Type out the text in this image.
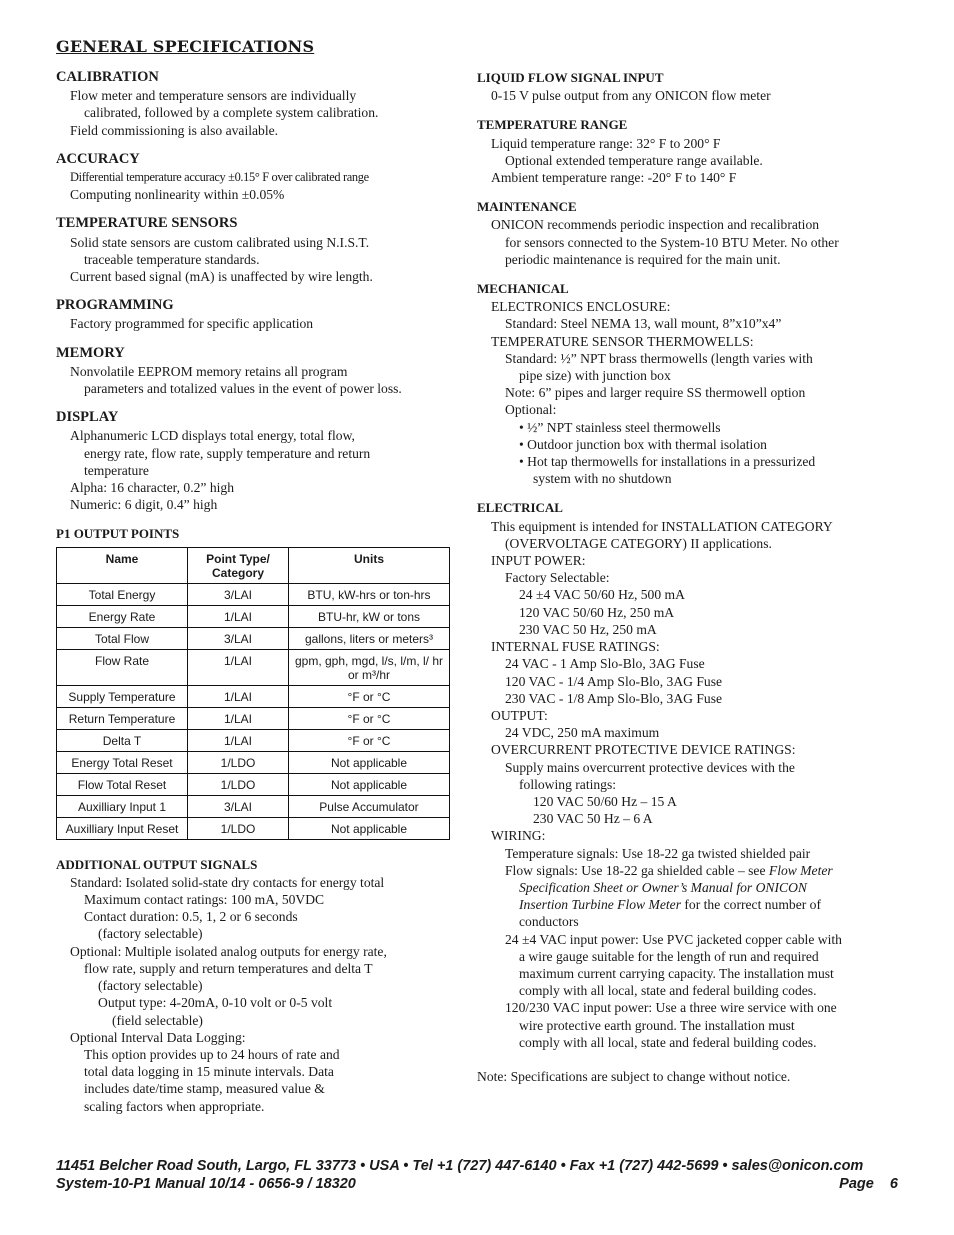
GENERAL SPECIFICATIONS
CALIBRATION
Flow meter and temperature sensors are individually
calibrated, followed by a complete system calibration.
Field commissioning is also available.
ACCURACY
Differential temperature accuracy ±0.15° F over calibrated range
Computing nonlinearity within ±0.05%
TEMPERATURE SENSORS
Solid state sensors are custom calibrated using N.I.S.T.
traceable temperature standards.
Current based signal (mA) is unaffected by wire length.
PROGRAMMING
Factory programmed for specific application
MEMORY
Nonvolatile EEPROM memory retains all program
parameters and totalized values in the event of power loss.
DISPLAY
Alphanumeric LCD displays total energy, total flow,
energy rate, flow rate, supply temperature and return
temperature
Alpha: 16 character, 0.2” high
Numeric: 6 digit, 0.4” high
P1 OUTPUT POINTS
Name	Point Type/ Category	Units
Total Energy	3/LAI	BTU, kW-hrs or ton-hrs
Energy Rate	1/LAI	BTU-hr, kW or tons
Total Flow	3/LAI	gallons, liters or meters³
Flow Rate	1/LAI	gpm, gph, mgd, l/s, l/m, l/ hr or m³/hr
Supply Temperature	1/LAI	°F or °C
Return Temperature	1/LAI	°F or °C
Delta T	1/LAI	°F or °C
Energy Total Reset	1/LDO	Not applicable
Flow Total Reset	1/LDO	Not applicable
Auxilliary Input 1	3/LAI	Pulse Accumulator
Auxilliary Input Reset	1/LDO	Not applicable
ADDITIONAL OUTPUT SIGNALS
Standard: Isolated solid-state dry contacts for energy total
Maximum contact ratings: 100 mA, 50VDC
Contact duration: 0.5, 1, 2 or 6 seconds
(factory selectable)
Optional: Multiple isolated analog outputs for energy rate,
flow rate, supply and return temperatures and delta T
(factory selectable)
Output type: 4-20mA, 0-10 volt or 0-5 volt
(field selectable)
Optional Interval Data Logging:
This option provides up to 24 hours of rate and
total data logging in 15 minute intervals. Data
includes date/time stamp, measured value &
scaling factors when appropriate.
LIQUID FLOW SIGNAL INPUT
0-15 V pulse output from any ONICON flow meter
TEMPERATURE RANGE
Liquid temperature range: 32° F to 200° F
Optional extended temperature range available.
Ambient temperature range: -20° F to 140° F
MAINTENANCE
ONICON recommends periodic inspection and recalibration
for sensors connected to the System-10 BTU Meter. No other
periodic maintenance is required for the main unit.
MECHANICAL
ELECTRONICS ENCLOSURE:
Standard: Steel NEMA 13, wall mount, 8”x10”x4”
TEMPERATURE SENSOR THERMOWELLS:
Standard: ½” NPT brass thermowells (length varies with
pipe size) with junction box
Note: 6” pipes and larger require SS thermowell option
Optional:
• ½” NPT stainless steel thermowells
• Outdoor junction box with thermal isolation
• Hot tap thermowells for installations in a pressurized
system with no shutdown
ELECTRICAL
This equipment is intended for INSTALLATION CATEGORY
(OVERVOLTAGE CATEGORY) II applications.
INPUT POWER:
Factory Selectable:
24 ±4 VAC 50/60 Hz, 500 mA
120 VAC 50/60 Hz, 250 mA
230 VAC 50 Hz, 250 mA
INTERNAL FUSE RATINGS:
24 VAC - 1 Amp Slo-Blo, 3AG Fuse
120 VAC - 1/4 Amp Slo-Blo, 3AG Fuse
230 VAC - 1/8 Amp Slo-Blo, 3AG Fuse
OUTPUT:
24 VDC, 250 mA maximum
OVERCURRENT PROTECTIVE DEVICE RATINGS:
Supply mains overcurrent protective devices with the
following ratings:
120 VAC 50/60 Hz – 15 A
230 VAC 50 Hz – 6 A
WIRING:
Temperature signals: Use 18-22 ga twisted shielded pair
Flow signals: Use 18-22 ga shielded cable – see Flow Meter
Specification Sheet or Owner’s Manual for ONICON
Insertion Turbine Flow Meter for the correct number of
conductors
24 ±4 VAC input power: Use PVC jacketed copper cable with
a wire gauge suitable for the length of run and required
maximum current carrying capacity. The installation must
comply with all local, state and federal building codes.
120/230 VAC input power: Use a three wire service with one
wire protective earth ground. The installation must
comply with all local, state and federal building codes.
Note: Specifications are subject to change without notice.
11451 Belcher Road South, Largo, FL 33773 • USA • Tel +1 (727) 447-6140 • Fax +1 (727) 442-5699 • sales@onicon.com
System-10-P1 Manual 10/14 - 0656-9 / 18320	Page    6
